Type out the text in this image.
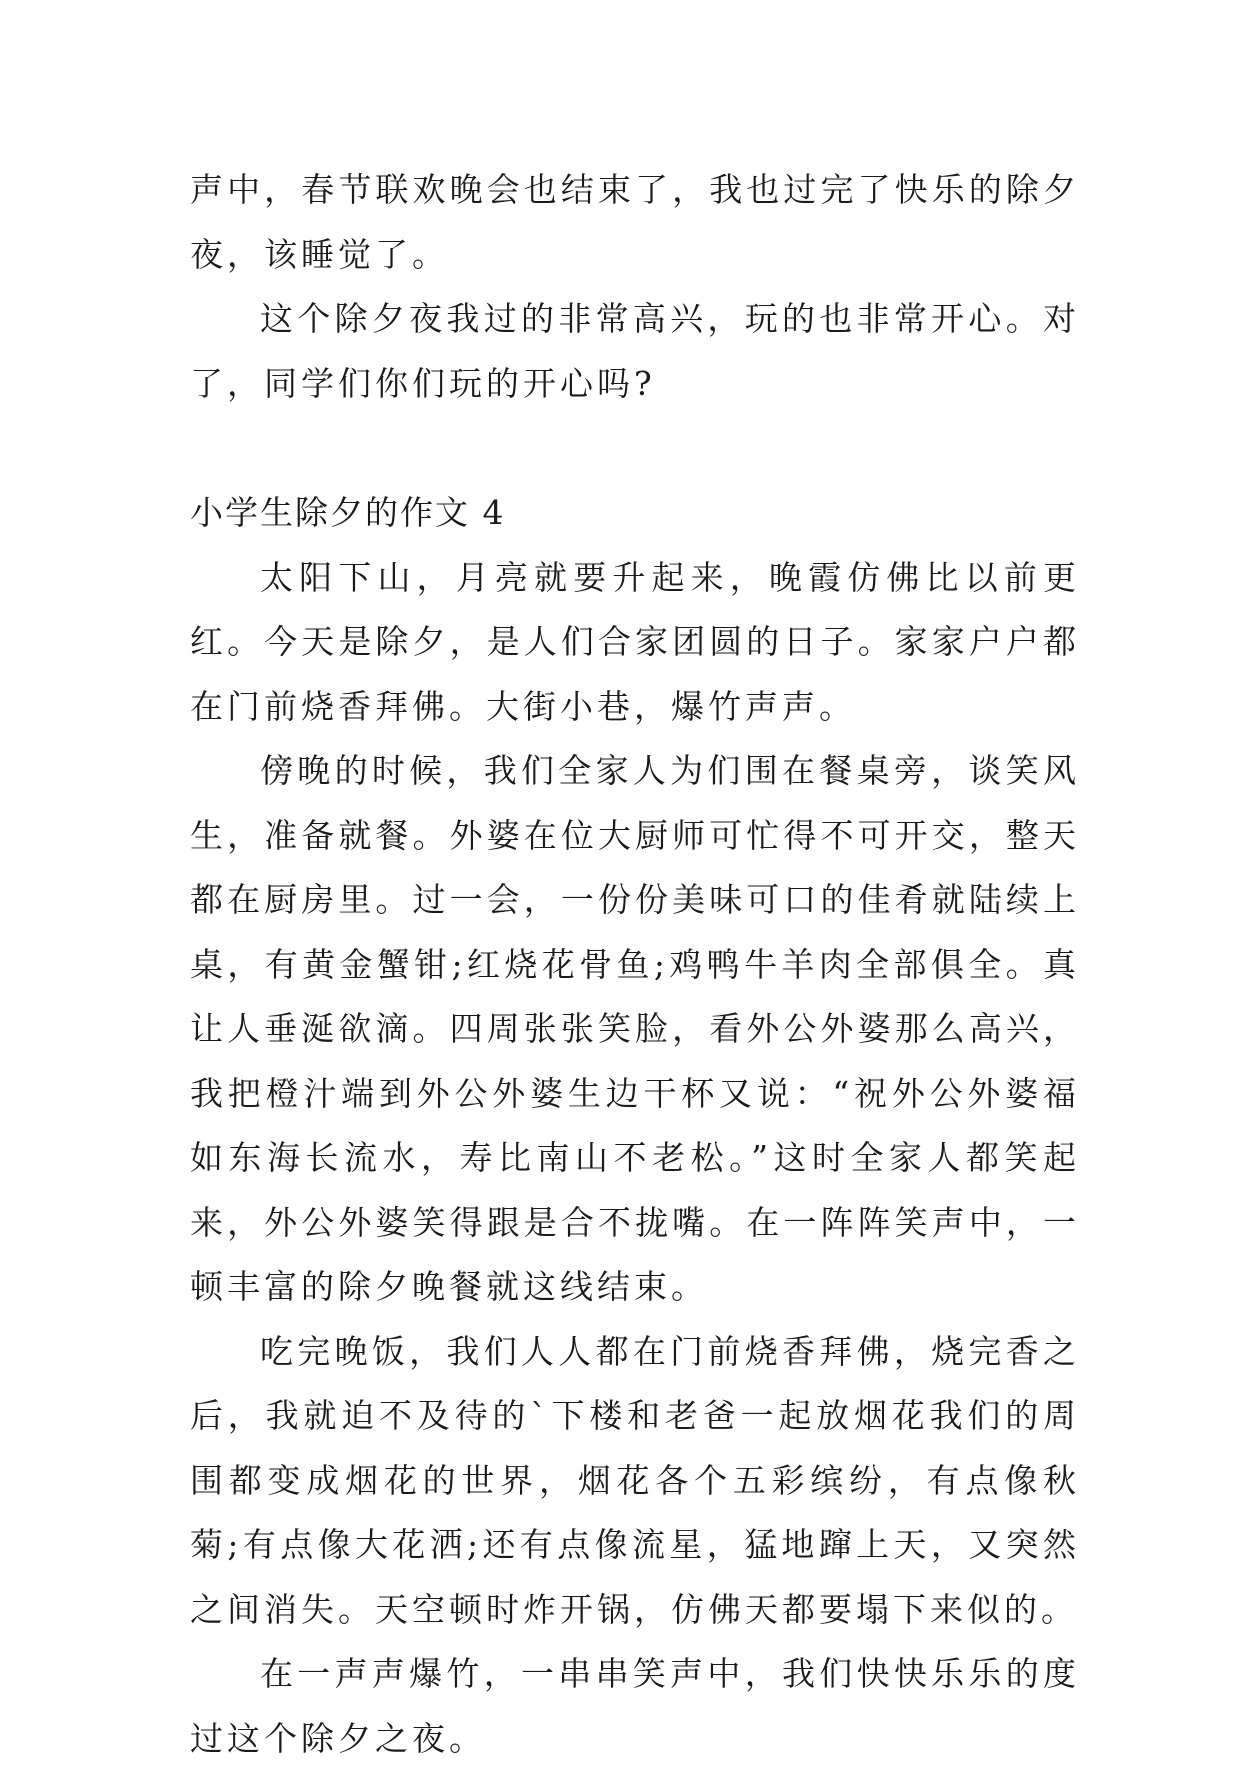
声中，春节联欢晚会也结束了，我也过完了快乐的除夕夜，该睡觉了。

这个除夕夜我过的非常高兴，玩的也非常开心。对了，同学们你们玩的开心吗?

小学生除夕的作文 4

太阳下山，月亮就要升起来，晚霞仿佛比以前更红。今天是除夕，是人们合家团圆的日子。家家户户都在门前烧香拜佛。大街小巷，爆竹声声。

傍晚的时候，我们全家人为们围在餐桌旁，谈笑风生，准备就餐。外婆在位大厨师可忙得不可开交，整天都在厨房里。过一会，一份份美味可口的佳肴就陆续上桌，有黄金蟹钳;红烧花骨鱼;鸡鸭牛羊肉全部俱全。真让人垂涎欲滴。四周张张笑脸，看外公外婆那么高兴，我把橙汁端到外公外婆生边干杯又说：“祝外公外婆福如东海长流水，寿比南山不老松。”这时全家人都笑起来，外公外婆笑得跟是合不拢嘴。在一阵阵笑声中，一顿丰富的除夕晚餐就这线结束。

吃完晚饭，我们人人都在门前烧香拜佛，烧完香之后，我就迫不及待的`下楼和老爸一起放烟花我们的周围都变成烟花的世界，烟花各个五彩缤纷，有点像秋菊;有点像大花洒;还有点像流星，猛地蹿上天，又突然之间消失。天空顿时炸开锅，仿佛天都要塌下来似的。

在一声声爆竹，一串串笑声中，我们快快乐乐的度过这个除夕之夜。
